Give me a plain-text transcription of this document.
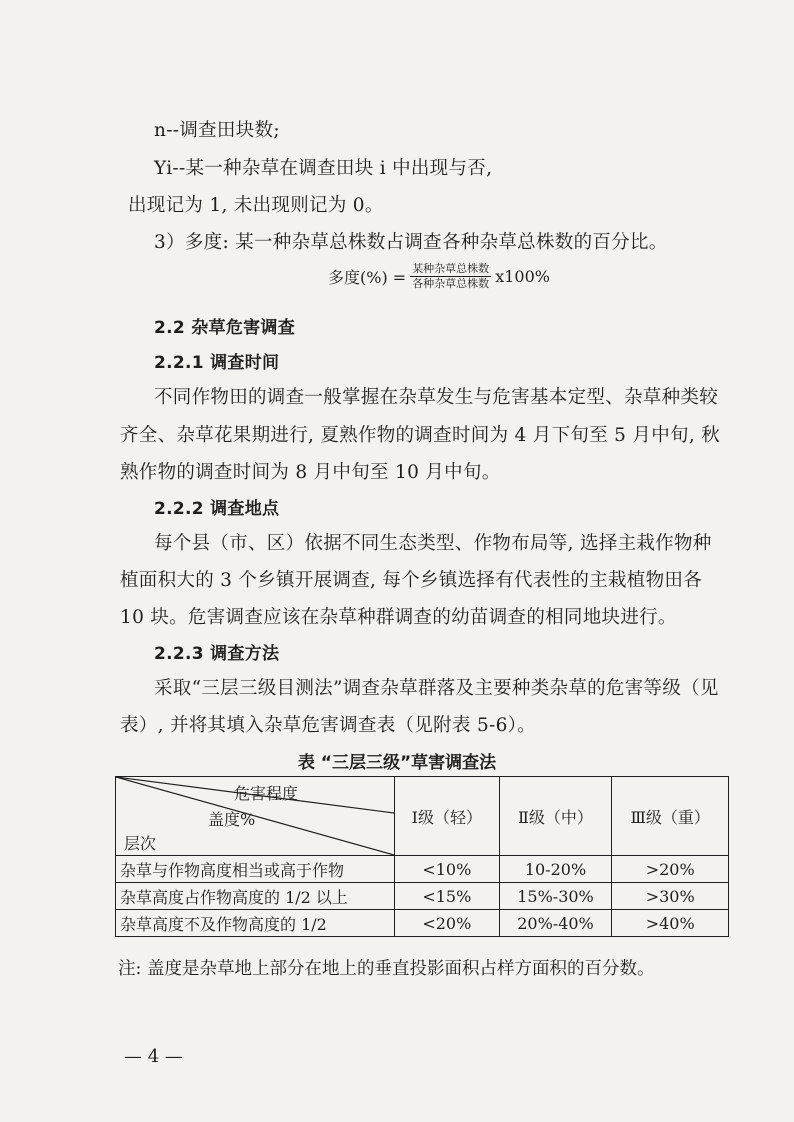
n--调查田块数;
Yi--某一种杂草在调查田块 i 中出现与否,
出现记为 1, 未出现则记为 0。
3）多度: 某一种杂草总株数占调查各种杂草总株数的百分比。
多度(%) = $\frac{\text{某种杂草总株数}}{\text{各种杂草总株数}} x100\%$
2.2 杂草危害调查
2.2.1 调查时间
不同作物田的调查一般掌握在杂草发生与危害基本定型、杂草种类较
齐全、杂草花果期进行, 夏熟作物的调查时间为 4 月下旬至 5 月中旬, 秋
熟作物的调查时间为 8 月中旬至 10 月中旬。
2.2.2 调查地点
每个县（市、区）依据不同生态类型、作物布局等, 选择主栽作物种
植面积大的 3 个乡镇开展调查, 每个乡镇选择有代表性的主栽植物田各
10 块。危害调查应该在杂草种群调查的幼苗调查的相同地块进行。
2.2.3 调查方法
采取“三层三级目测法”调查杂草群落及主要种类杂草的危害等级（见
表）, 并将其填入杂草危害调查表（见附表 5-6）。
表 “三层三级”草害调查法
危害程度
盖度%
层次	Ⅰ级（轻）	Ⅱ级（中）	Ⅲ级（重）
杂草与作物高度相当或高于作物	<10%	10-20%	>20%
杂草高度占作物高度的 1/2 以上	<15%	15%-30%	>30%
杂草高度不及作物高度的 1/2	<20%	20%-40%	>40%
注: 盖度是杂草地上部分在地上的垂直投影面积占样方面积的百分数。
— 4 —
